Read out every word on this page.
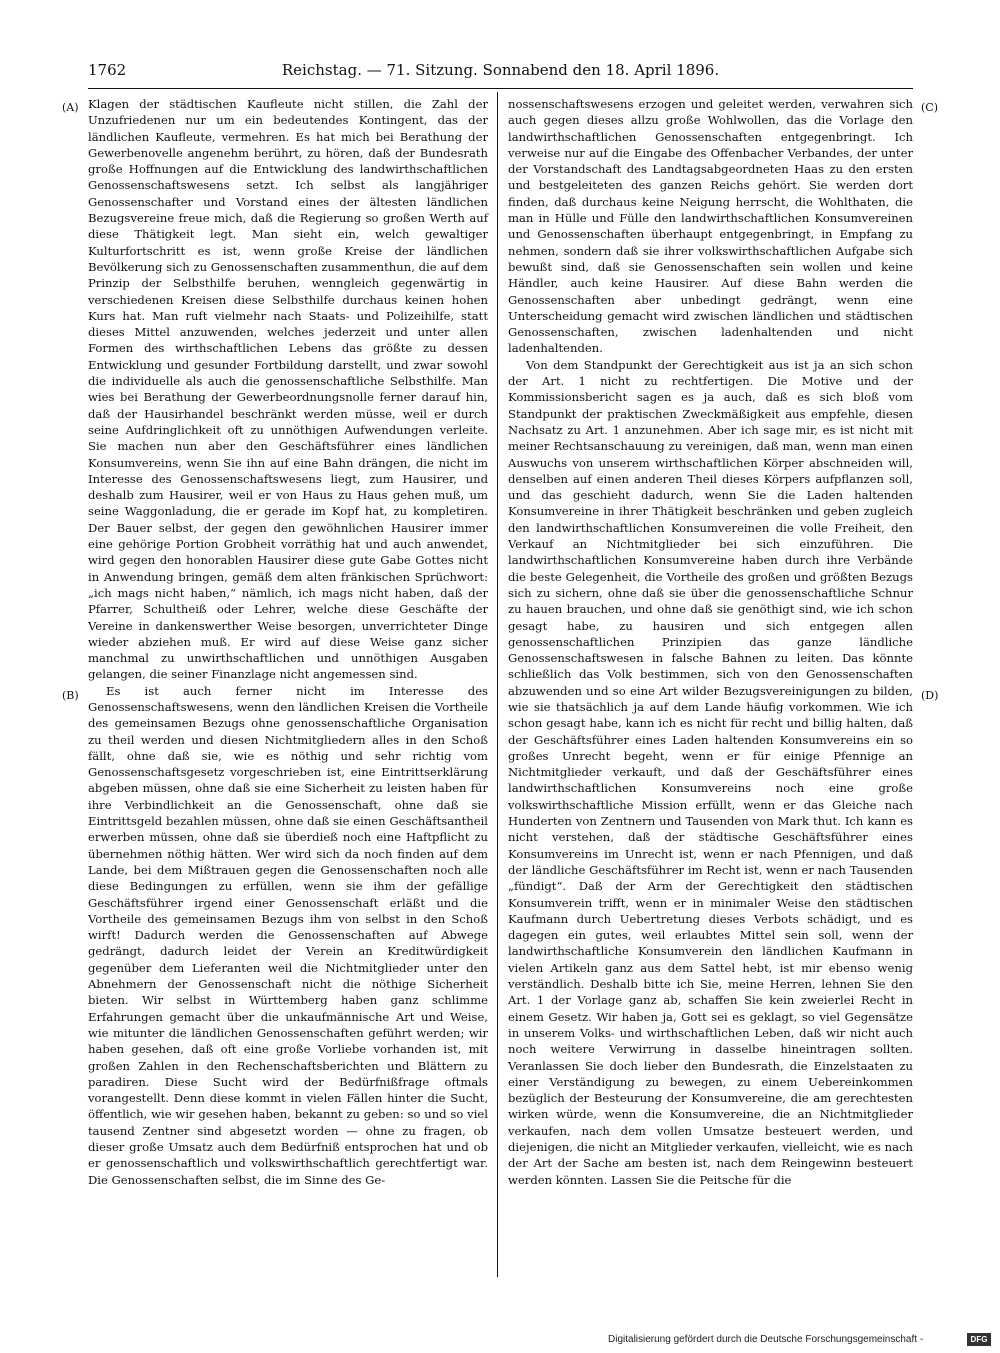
1762	Reichstag. — 71. Sitzung. Sonnabend den 18. April 1896.
(A)
(B)
(C)
(D)

Klagen der städtischen Kaufleute nicht stillen, die Zahl der Unzufriedenen nur um ein bedeutendes Kontingent, das der ländlichen Kaufleute, vermehren. Es hat mich bei Berathung der Gewerbenovelle angenehm berührt, zu hören, daß der Bundesrath große Hoffnungen auf die Entwicklung des landwirthschaftlichen Genossenschaftswesens setzt. Ich selbst als langjähriger Genossenschafter und Vorstand eines der ältesten ländlichen Bezugsvereine freue mich, daß die Regierung so großen Werth auf diese Thätigkeit legt. Man sieht ein, welch gewaltiger Kulturfortschritt es ist, wenn große Kreise der ländlichen Bevölkerung sich zu Genossenschaften zusammenthun, die auf dem Prinzip der Selbsthilfe beruhen, wenngleich gegenwärtig in verschiedenen Kreisen diese Selbsthilfe durchaus keinen hohen Kurs hat. Man ruft vielmehr nach Staats- und Polizeihilfe, statt dieses Mittel anzuwenden, welches jederzeit und unter allen Formen des wirthschaftlichen Lebens das größte zu dessen Entwicklung und gesunder Fortbildung darstellt, und zwar sowohl die individuelle als auch die genossenschaftliche Selbsthilfe. Man wies bei Berathung der Gewerbeordnungsnolle ferner darauf hin, daß der Hausirhandel beschränkt werden müsse, weil er durch seine Aufdringlichkeit oft zu unnöthigen Aufwendungen verleite. Sie machen nun aber den Geschäftsführer eines ländlichen Konsumvereins, wenn Sie ihn auf eine Bahn drängen, die nicht im Interesse des Genossenschaftswesens liegt, zum Hausirer, und deshalb zum Hausirer, weil er von Haus zu Haus gehen muß, um seine Waggonladung, die er gerade im Kopf hat, zu kompletiren. Der Bauer selbst, der gegen den gewöhnlichen Hausirer immer eine gehörige Portion Grobheit vorräthig hat und auch anwendet, wird gegen den honorablen Hausirer diese gute Gabe Gottes nicht in Anwendung bringen, gemäß dem alten fränkischen Sprüchwort: „ich mags nicht haben,“ nämlich, ich mags nicht haben, daß der Pfarrer, Schultheiß oder Lehrer, welche diese Geschäfte der Vereine in dankenswerther Weise besorgen, unverrichteter Dinge wieder abziehen muß. Er wird auf diese Weise ganz sicher manchmal zu unwirthschaftlichen und unnöthigen Ausgaben gelangen, die seiner Finanzlage nicht angemessen sind.

Es ist auch ferner nicht im Interesse des Genossenschaftswesens, wenn den ländlichen Kreisen die Vortheile des gemeinsamen Bezugs ohne genossenschaftliche Organisation zu theil werden und diesen Nichtmitgliedern alles in den Schoß fällt, ohne daß sie, wie es nöthig und sehr richtig vom Genossenschaftsgesetz vorgeschrieben ist, eine Eintrittserklärung abgeben müssen, ohne daß sie eine Sicherheit zu leisten haben für ihre Verbindlichkeit an die Genossenschaft, ohne daß sie Eintrittsgeld bezahlen müssen, ohne daß sie einen Geschäftsantheil erwerben müssen, ohne daß sie überdieß noch eine Haftpflicht zu übernehmen nöthig hätten. Wer wird sich da noch finden auf dem Lande, bei dem Mißtrauen gegen die Genossenschaften noch alle diese Bedingungen zu erfüllen, wenn sie ihm der gefällige Geschäftsführer irgend einer Genossenschaft erläßt und die Vortheile des gemeinsamen Bezugs ihm von selbst in den Schoß wirft! Dadurch werden die Genossenschaften auf Abwege gedrängt, dadurch leidet der Verein an Kreditwürdigkeit gegenüber dem Lieferanten weil die Nichtmitglieder unter den Abnehmern der Genossenschaft nicht die nöthige Sicherheit bieten. Wir selbst in Württemberg haben ganz schlimme Erfahrungen gemacht über die unkaufmännische Art und Weise, wie mitunter die ländlichen Genossenschaften geführt werden; wir haben gesehen, daß oft eine große Vorliebe vorhanden ist, mit großen Zahlen in den Rechenschaftsberichten und Blättern zu paradiren. Diese Sucht wird der Bedürfnißfrage oftmals vorangestellt. Denn diese kommt in vielen Fällen hinter die Sucht, öffentlich, wie wir gesehen haben, bekannt zu geben: so und so viel tausend Zentner sind abgesetzt worden — ohne zu fragen, ob dieser große Umsatz auch dem Bedürfniß entsprochen hat und ob er genossenschaftlich und volkswirthschaftlich gerechtfertigt war. Die Genossenschaften selbst, die im Sinne des Ge-

nossenschaftswesens erzogen und geleitet werden, verwahren sich auch gegen dieses allzu große Wohlwollen, das die Vorlage den landwirthschaftlichen Genossenschaften entgegenbringt. Ich verweise nur auf die Eingabe des Offenbacher Verbandes, der unter der Vorstandschaft des Landtagsabgeordneten Haas zu den ersten und bestgeleiteten des ganzen Reichs gehört. Sie werden dort finden, daß durchaus keine Neigung herrscht, die Wohlthaten, die man in Hülle und Fülle den landwirthschaftlichen Konsumvereinen und Genossenschaften überhaupt entgegenbringt, in Empfang zu nehmen, sondern daß sie ihrer volkswirthschaftlichen Aufgabe sich bewußt sind, daß sie Genossenschaften sein wollen und keine Händler, auch keine Hausirer. Auf diese Bahn werden die Genossenschaften aber unbedingt gedrängt, wenn eine Unterscheidung gemacht wird zwischen ländlichen und städtischen Genossenschaften, zwischen ladenhaltenden und nicht ladenhaltenden.

Von dem Standpunkt der Gerechtigkeit aus ist ja an sich schon der Art. 1 nicht zu rechtfertigen. Die Motive und der Kommissionsbericht sagen es ja auch, daß es sich bloß vom Standpunkt der praktischen Zweckmäßigkeit aus empfehle, diesen Nachsatz zu Art. 1 anzunehmen. Aber ich sage mir, es ist nicht mit meiner Rechtsanschauung zu vereinigen, daß man, wenn man einen Auswuchs von unserem wirthschaftlichen Körper abschneiden will, denselben auf einen anderen Theil dieses Körpers aufpflanzen soll, und das geschieht dadurch, wenn Sie die Laden haltenden Konsumvereine in ihrer Thätigkeit beschränken und geben zugleich den landwirthschaftlichen Konsumvereinen die volle Freiheit, den Verkauf an Nichtmitglieder bei sich einzuführen. Die landwirthschaftlichen Konsumvereine haben durch ihre Verbände die beste Gelegenheit, die Vortheile des großen und größten Bezugs sich zu sichern, ohne daß sie über die genossenschaftliche Schnur zu hauen brauchen, und ohne daß sie genöthigt sind, wie ich schon gesagt habe, zu hausiren und sich entgegen allen genossenschaftlichen Prinzipien das ganze ländliche Genossenschaftswesen in falsche Bahnen zu leiten. Das könnte schließlich das Volk bestimmen, sich von den Genossenschaften abzuwenden und so eine Art wilder Bezugsvereinigungen zu bilden, wie sie thatsächlich ja auf dem Lande häufig vorkommen. Wie ich schon gesagt habe, kann ich es nicht für recht und billig halten, daß der Geschäftsführer eines Laden haltenden Konsumvereins ein so großes Unrecht begeht, wenn er für einige Pfennige an Nichtmitglieder verkauft, und daß der Geschäftsführer eines landwirthschaftlichen Konsumvereins noch eine große volkswirthschaftliche Mission erfüllt, wenn er das Gleiche nach Hunderten von Zentnern und Tausenden von Mark thut. Ich kann es nicht verstehen, daß der städtische Geschäftsführer eines Konsumvereins im Unrecht ist, wenn er nach Pfennigen, und daß der ländliche Geschäftsführer im Recht ist, wenn er nach Tausenden „fündigt“. Daß der Arm der Gerechtigkeit den städtischen Konsumverein trifft, wenn er in minimaler Weise den städtischen Kaufmann durch Uebertretung dieses Verbots schädigt, und es dagegen ein gutes, weil erlaubtes Mittel sein soll, wenn der landwirthschaftliche Konsumverein den ländlichen Kaufmann in vielen Artikeln ganz aus dem Sattel hebt, ist mir ebenso wenig verständlich. Deshalb bitte ich Sie, meine Herren, lehnen Sie den Art. 1 der Vorlage ganz ab, schaffen Sie kein zweierlei Recht in einem Gesetz. Wir haben ja, Gott sei es geklagt, so viel Gegensätze in unserem Volks- und wirthschaftlichen Leben, daß wir nicht auch noch weitere Verwirrung in dasselbe hineintragen sollten. Veranlassen Sie doch lieber den Bundesrath, die Einzelstaaten zu einer Verständigung zu bewegen, zu einem Uebereinkommen bezüglich der Besteurung der Konsumvereine, die am gerechtesten wirken würde, wenn die Konsumvereine, die an Nichtmitglieder verkaufen, nach dem vollen Umsatze besteuert werden, und diejenigen, die nicht an Mitglieder verkaufen, vielleicht, wie es nach der Art der Sache am besten ist, nach dem Reingewinn besteuert werden könnten. Lassen Sie die Peitsche für die

Digitalisierung gefördert durch die Deutsche Forschungsgemeinschaft -	DFG
